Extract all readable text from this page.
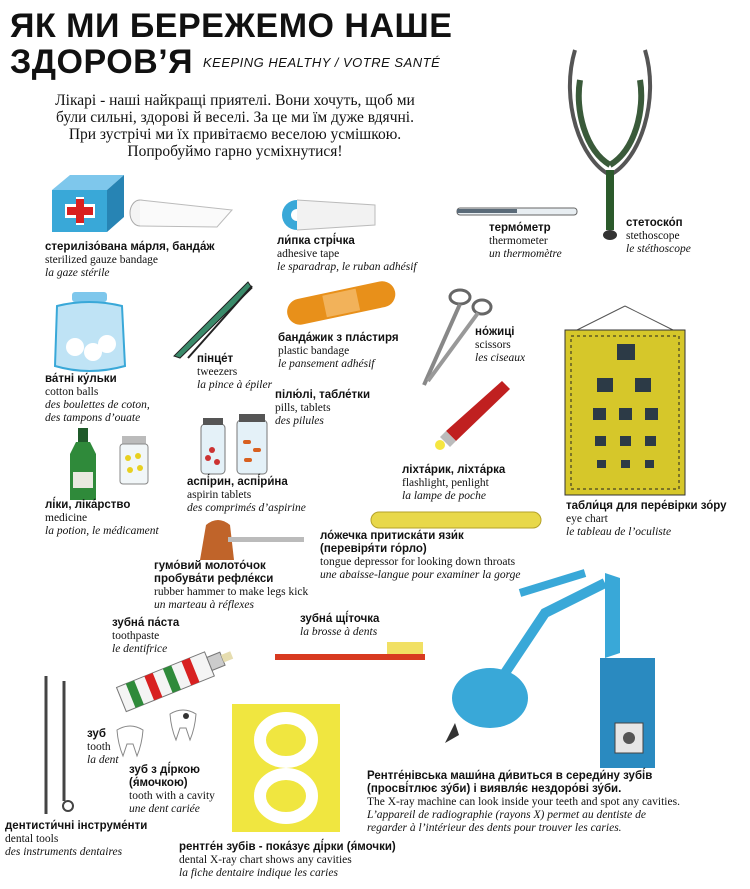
ЯК МИ БЕРЕЖЕМО НАШЕ
ЗДОРОВ’Я KEEPING HEALTHY / VOTRE SANTÉ
Лікарі - наші найкращі приятелі. Вони хочуть, щоб ми
були сильні, здорові й веселі. За це ми їм дуже вдячні.
При зустрічі ми їх привітаємо веселою усмішкою.
Попробуймо гарно усміхнутися!
стетоско́п
stethoscope
le stéthoscope
стерилізо́вана ма́рля, банда́ж
sterilized gauze bandage
la gaze stérile
ли́пка стрі́чка
adhesive tape
le sparadrap, le ruban adhésif
термо́метр
thermometer
un thermomètre
ва́тні ку́льки
cotton balls
des boulettes de coton,
des tampons d’ouate
пінце́т
tweezers
la pince à épiler
банда́жик з пла́стиря
plastic bandage
le pansement adhésif
но́жиці
scissors
les ciseaux
табли́ця для пере́вірки зо́ру
eye chart
le tableau de l’oculiste
пілю́лі, табле́тки
pills, tablets
des pilules
аспі́рин, аспі́ри́на
aspirin tablets
des comprimés d’aspirine
лі́ки, ліка́рство
medicine
la potion, le médicament
ліхта́рик, ліхта́рка
flashlight, penlight
la lampe de poche
ло́жечка притиска́ти язи́к
(перевіря́ти го́рло)
tongue depressor for looking down throats
une abaisse-langue pour examiner la gorge
гумо́вий молото́чок
пробува́ти рефле́кси
rubber hammer to make legs kick
un marteau à réflexes
зубна́ па́ста
toothpaste
le dentifrice
зубна́ щі́точка
la brosse à dents
зуб
tooth
la dent
зуб з ді́ркою
(я́мочкою)
tooth with a cavity
une dent cariée
дентисти́чні інструме́нти
dental tools
des instruments dentaires	рентге́н зубів - пока́зує ді́рки (я́мочки)
dental X-ray chart shows any cavities
la fiche dentaire indique les caries
Рентге́нівська маши́на ди́виться в середи́ну зубі́в
(просві́тлює зу́би) і виявля́є нездоро́ві зу́би.
The X-ray machine can look inside your teeth and spot any cavities.
L’appareil de radiographie (rayons X) permet au dentiste de
regarder à l’intérieur des dents pour trouver les caries.
